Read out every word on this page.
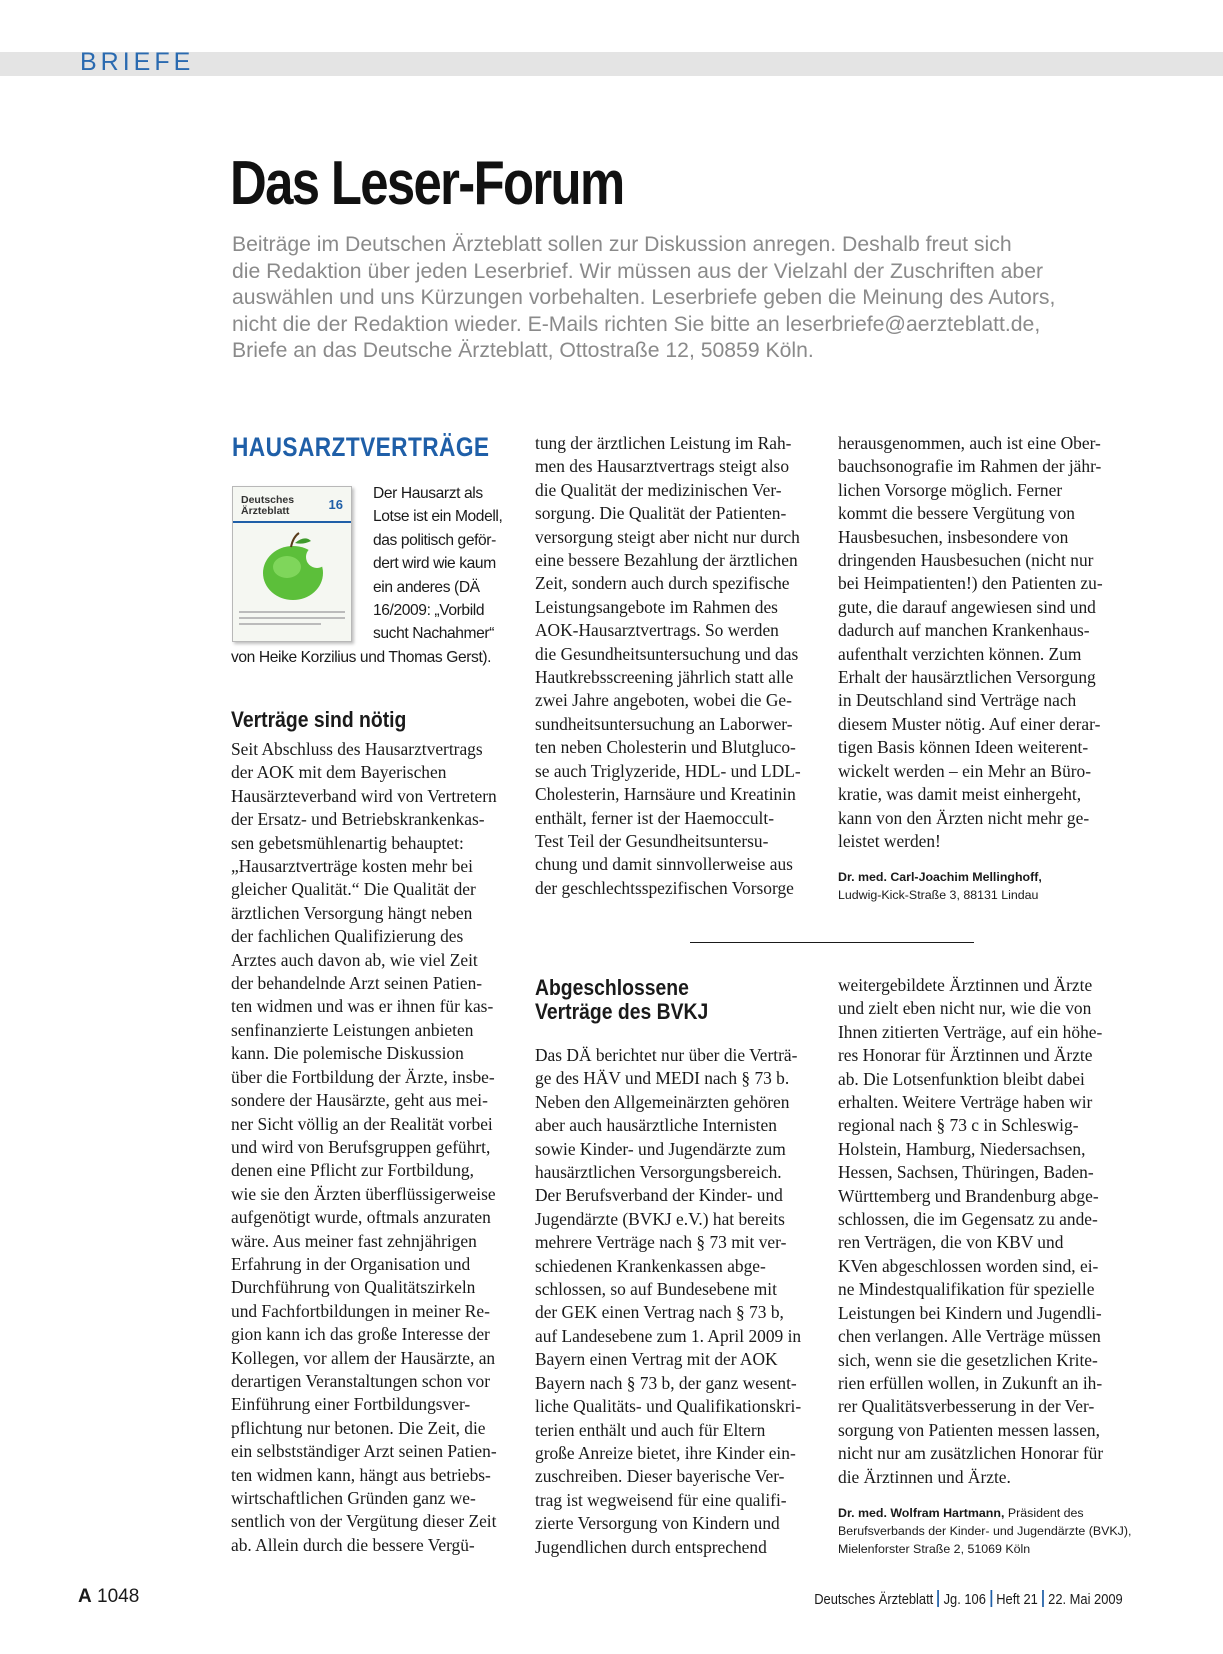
BRIEFE
Das Leser-Forum

Beiträge im Deutschen Ärzteblatt sollen zur Diskussion anregen. Deshalb freut sich
die Redaktion über jeden Leserbrief. Wir müssen aus der Vielzahl der Zuschriften aber
auswählen und uns Kürzungen vorbehalten. Leserbriefe geben die Meinung des Autors,
nicht die der Redaktion wieder. E-Mails richten Sie bitte an leserbriefe@aerzteblatt.de,
Briefe an das Deutsche Ärzteblatt, Ottostraße 12, 50859 Köln.

HAUSARZTVERTRÄGE
Deutsches
Ärzteblatt	16
Der Hausarzt als
Lotse ist ein Modell,
das politisch geför-
dert wird wie kaum
ein anderes (DÄ
16/2009: „Vorbild
sucht Nachahmer“
von Heike Korzilius und Thomas Gerst).
Verträge sind nötig
Seit Abschluss des Hausarztvertrags
der AOK mit dem Bayerischen
Hausärzteverband wird von Vertretern
der Ersatz- und Betriebskrankenkas-
sen gebetsmühlenartig behauptet:
„Hausarztverträge kosten mehr bei
gleicher Qualität.“ Die Qualität der
ärztlichen Versorgung hängt neben
der fachlichen Qualifizierung des
Arztes auch davon ab, wie viel Zeit
der behandelnde Arzt seinen Patien-
ten widmen und was er ihnen für kas-
senfinanzierte Leistungen anbieten
kann. Die polemische Diskussion
über die Fortbildung der Ärzte, insbe-
sondere der Hausärzte, geht aus mei-
ner Sicht völlig an der Realität vorbei
und wird von Berufsgruppen geführt,
denen eine Pflicht zur Fortbildung,
wie sie den Ärzten überflüssigerweise
aufgenötigt wurde, oftmals anzuraten
wäre. Aus meiner fast zehnjährigen
Erfahrung in der Organisation und
Durchführung von Qualitätszirkeln
und Fachfortbildungen in meiner Re-
gion kann ich das große Interesse der
Kollegen, vor allem der Hausärzte, an
derartigen Veranstaltungen schon vor
Einführung einer Fortbildungsver-
pflichtung nur betonen. Die Zeit, die
ein selbstständiger Arzt seinen Patien-
ten widmen kann, hängt aus betriebs-
wirtschaftlichen Gründen ganz we-
sentlich von der Vergütung dieser Zeit
ab. Allein durch die bessere Vergü-
tung der ärztlichen Leistung im Rah-
men des Hausarztvertrags steigt also
die Qualität der medizinischen Ver-
sorgung. Die Qualität der Patienten-
versorgung steigt aber nicht nur durch
eine bessere Bezahlung der ärztlichen
Zeit, sondern auch durch spezifische
Leistungsangebote im Rahmen des
AOK-Hausarztvertrags. So werden
die Gesundheitsuntersuchung und das
Hautkrebsscreening jährlich statt alle
zwei Jahre angeboten, wobei die Ge-
sundheitsuntersuchung an Laborwer-
ten neben Cholesterin und Blutgluco-
se auch Triglyzeride, HDL- und LDL-
Cholesterin, Harnsäure und Kreatinin
enthält, ferner ist der Haemoccult-
Test Teil der Gesundheitsuntersu-
chung und damit sinnvollerweise aus
der geschlechtsspezifischen Vorsorge
herausgenommen, auch ist eine Ober-
bauchsonografie im Rahmen der jähr-
lichen Vorsorge möglich. Ferner
kommt die bessere Vergütung von
Hausbesuchen, insbesondere von
dringenden Hausbesuchen (nicht nur
bei Heimpatienten!) den Patienten zu-
gute, die darauf angewiesen sind und
dadurch auf manchen Krankenhaus-
aufenthalt verzichten können. Zum
Erhalt der hausärztlichen Versorgung
in Deutschland sind Verträge nach
diesem Muster nötig. Auf einer derar-
tigen Basis können Ideen weiterent-
wickelt werden – ein Mehr an Büro-
kratie, was damit meist einhergeht,
kann von den Ärzten nicht mehr ge-
leistet werden!
Dr. med. Carl-Joachim Mellinghoff,
Ludwig-Kick-Straße 3, 88131 Lindau
Abgeschlossene
Verträge des BVKJ
Das DÄ berichtet nur über die Verträ-
ge des HÄV und MEDI nach § 73 b.
Neben den Allgemeinärzten gehören
aber auch hausärztliche Internisten
sowie Kinder- und Jugendärzte zum
hausärztlichen Versorgungsbereich.
Der Berufsverband der Kinder- und
Jugendärzte (BVKJ e.V.) hat bereits
mehrere Verträge nach § 73 mit ver-
schiedenen Krankenkassen abge-
schlossen, so auf Bundesebene mit
der GEK einen Vertrag nach § 73 b,
auf Landesebene zum 1. April 2009 in
Bayern einen Vertrag mit der AOK
Bayern nach § 73 b, der ganz wesent-
liche Qualitäts- und Qualifikationskri-
terien enthält und auch für Eltern
große Anreize bietet, ihre Kinder ein-
zuschreiben. Dieser bayerische Ver-
trag ist wegweisend für eine qualifi-
zierte Versorgung von Kindern und
Jugendlichen durch entsprechend
weitergebildete Ärztinnen und Ärzte
und zielt eben nicht nur, wie die von
Ihnen zitierten Verträge, auf ein höhe-
res Honorar für Ärztinnen und Ärzte
ab. Die Lotsenfunktion bleibt dabei
erhalten. Weitere Verträge haben wir
regional nach § 73 c in Schleswig-
Holstein, Hamburg, Niedersachsen,
Hessen, Sachsen, Thüringen, Baden-
Württemberg und Brandenburg abge-
schlossen, die im Gegensatz zu ande-
ren Verträgen, die von KBV und
KVen abgeschlossen worden sind, ei-
ne Mindestqualifikation für spezielle
Leistungen bei Kindern und Jugendli-
chen verlangen. Alle Verträge müssen
sich, wenn sie die gesetzlichen Krite-
rien erfüllen wollen, in Zukunft an ih-
rer Qualitätsverbesserung in der Ver-
sorgung von Patienten messen lassen,
nicht nur am zusätzlichen Honorar für
die Ärztinnen und Ärzte.
Dr. med. Wolfram Hartmann, Präsident des
Berufsverbands der Kinder- und Jugendärzte (BVKJ),
Mielenforster Straße 2, 51069 Köln
A 1048	Deutsches Ärzteblatt Jg. 106 Heft 21 22. Mai 2009
